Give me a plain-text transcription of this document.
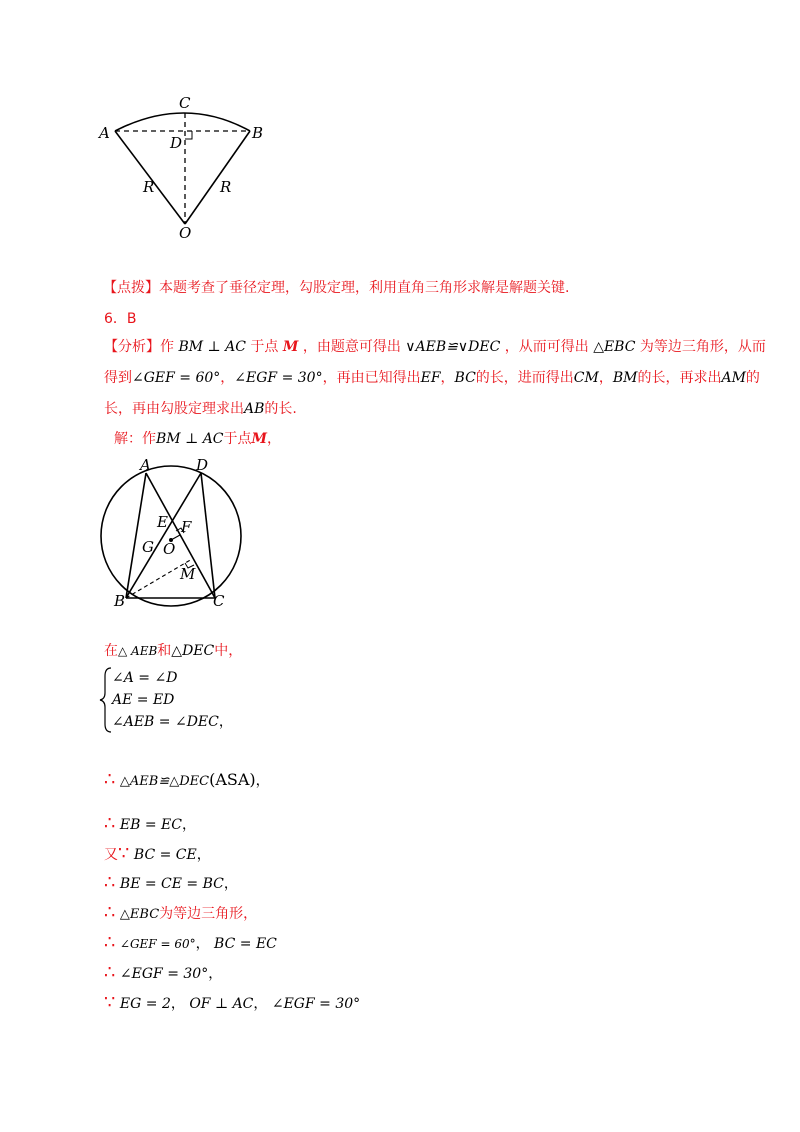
C
A	B
D
R	R
O
【点拨】本题考查了垂径定理，勾股定理，利用直角三角形求解是解题关键.
6．B
【分析】作 BM ⊥ AC 于点 M ，由题意可得出 ∨AEB≌∨DEC ，从而可得出 △EBC 为等边三角形，从而
得到∠GEF = 60°，∠EGF = 30°，再由已知得出EF，BC的长，进而得出CM，BM的长，再求出AM的
长，再由勾股定理求出AB的长.
解：作BM ⊥ AC于点M，
A	D
E F
G O
M
B	C
在△ AEB和△DEC中，
∠A = ∠D
AE = ED
∠AEB = ∠DEC，
∴ △AEB≌△DEC(ASA)，
∴ EB = EC，
又∵ BC = CE，
∴ BE = CE = BC，
∴ △EBC为等边三角形，
∴ ∠GEF = 60°， BC = EC
∴ ∠EGF = 30°，
∵ EG = 2， OF ⊥ AC， ∠EGF = 30°
